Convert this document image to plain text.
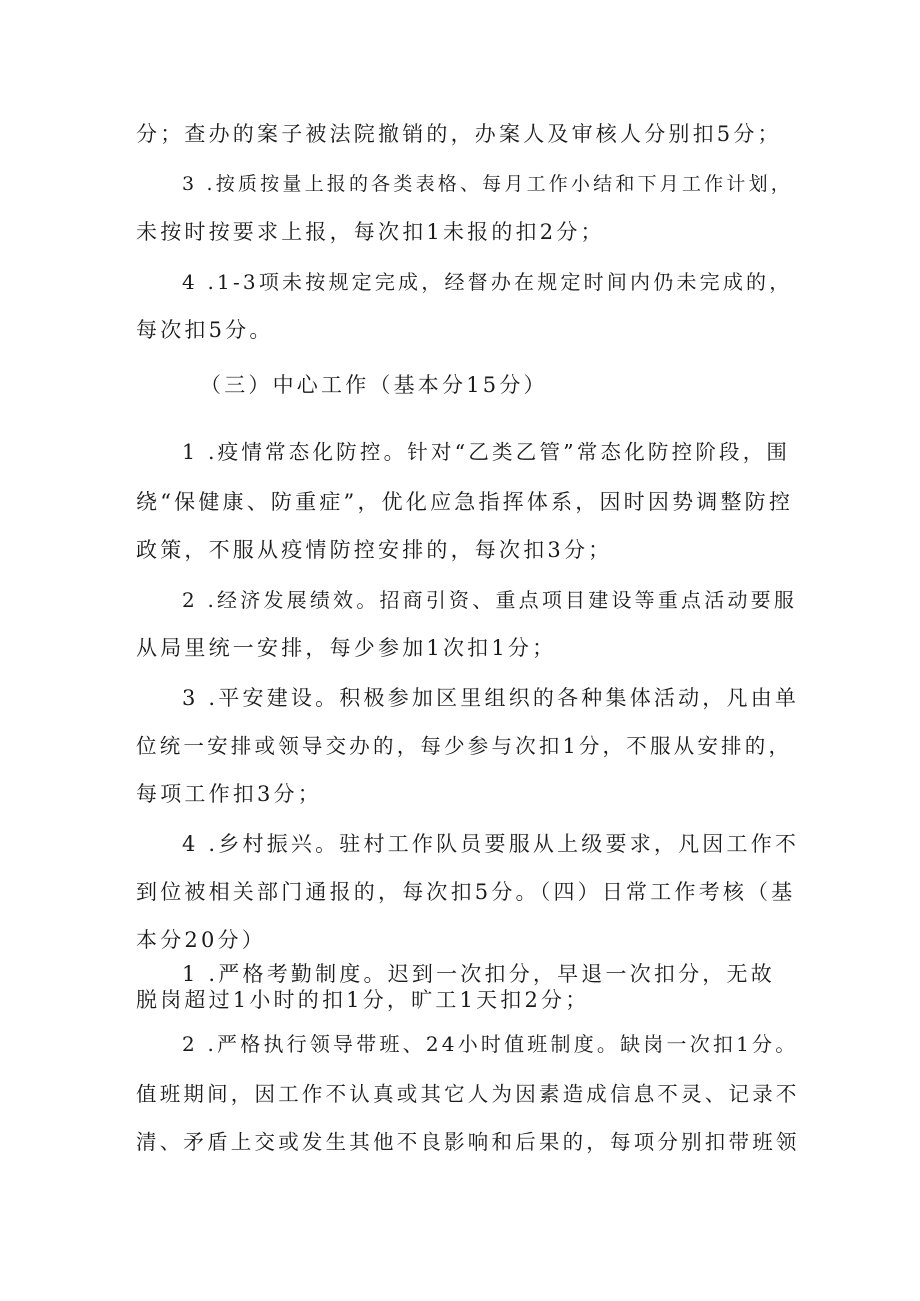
分；查办的案子被法院撤销的，办案人及审核人分别扣5分；
3 .按质按量上报的各类表格、每月工作小结和下月工作计划，
未按时按要求上报，每次扣1未报的扣2分；
4 .1-3项未按规定完成，经督办在规定时间内仍未完成的，
每次扣5分。
（三）中心工作（基本分15分）
1 .疫情常态化防控。针对“乙类乙管”常态化防控阶段，围
绕“保健康、防重症”，优化应急指挥体系，因时因势调整防控
政策，不服从疫情防控安排的，每次扣3分；
2 .经济发展绩效。招商引资、重点项目建设等重点活动要服
从局里统一安排，每少参加1次扣1分；
3 .平安建设。积极参加区里组织的各种集体活动，凡由单
位统一安排或领导交办的，每少参与次扣1分，不服从安排的，
每项工作扣3分；
4 .乡村振兴。驻村工作队员要服从上级要求，凡因工作不
到位被相关部门通报的，每次扣5分。（四）日常工作考核（基
本分20分）
1 .严格考勤制度。迟到一次扣分，早退一次扣分，无故
脱岗超过1小时的扣1分，旷工1天扣2分；
2 .严格执行领导带班、24小时值班制度。缺岗一次扣1分。
值班期间，因工作不认真或其它人为因素造成信息不灵、记录不
清、矛盾上交或发生其他不良影响和后果的，每项分别扣带班领
